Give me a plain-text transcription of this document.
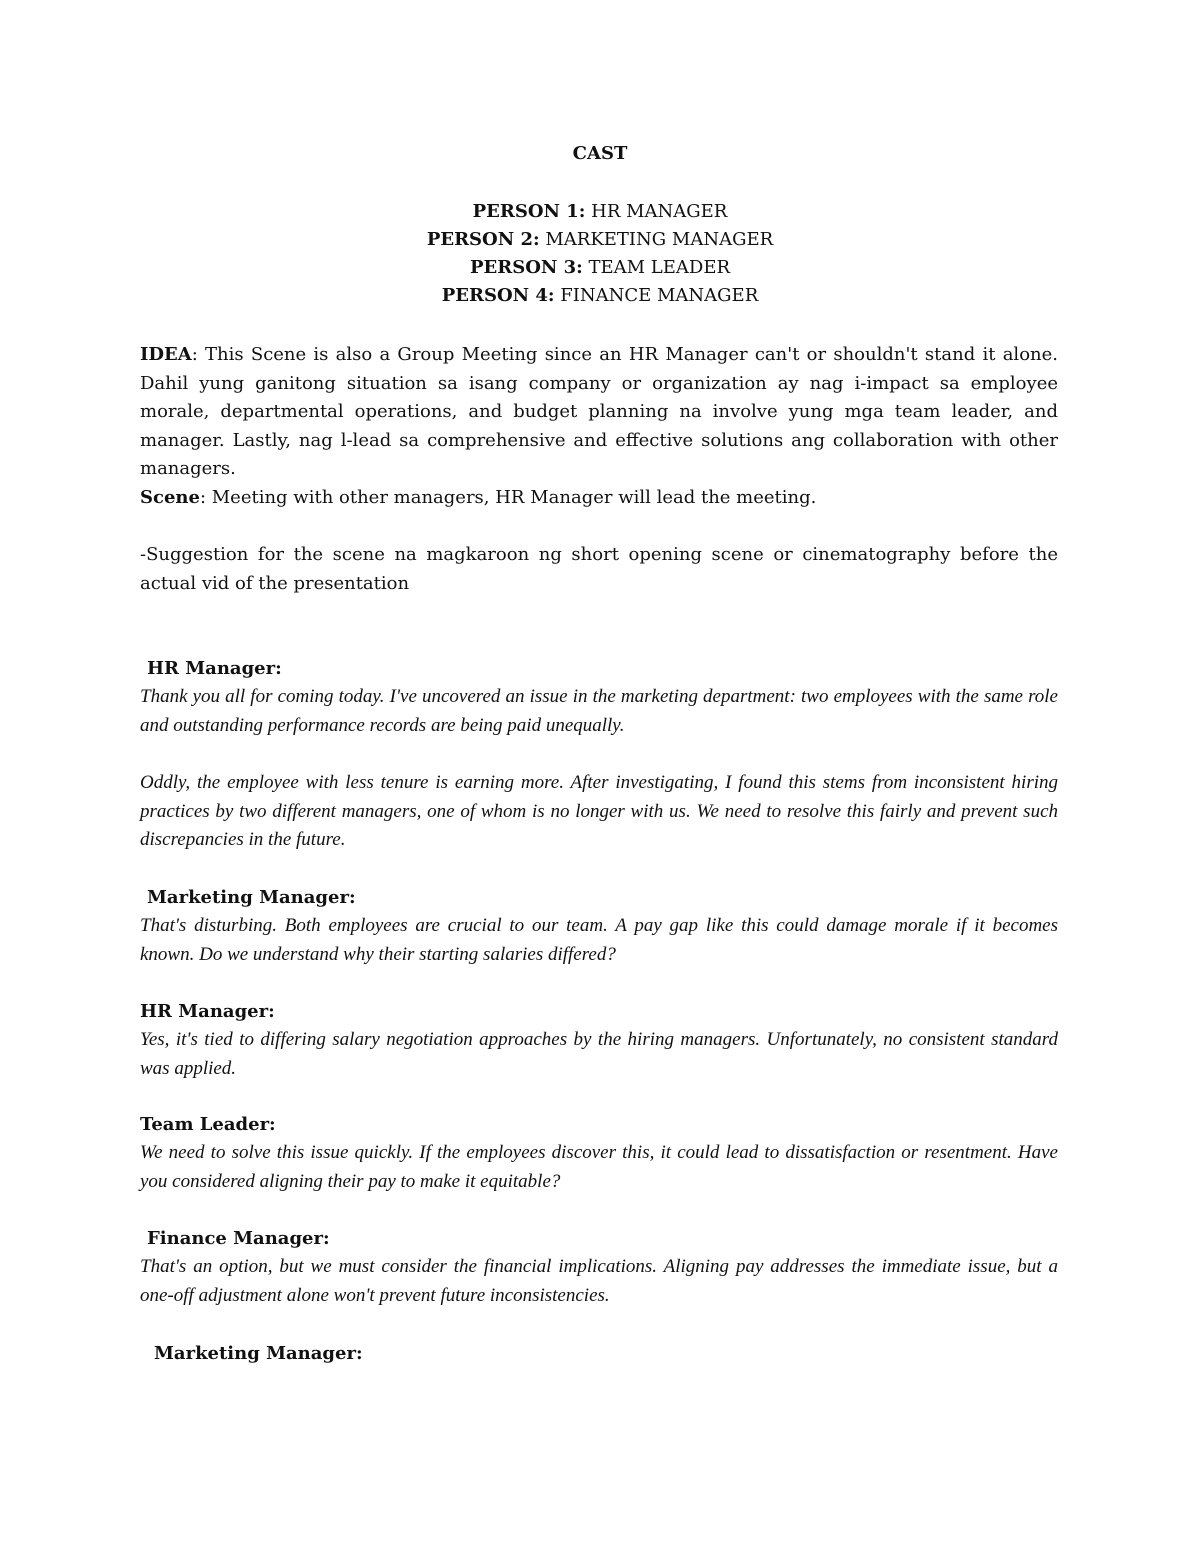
CAST
PERSON 1: HR MANAGER
PERSON 2: MARKETING MANAGER
PERSON 3: TEAM LEADER
PERSON 4: FINANCE MANAGER
IDEA: This Scene is also a Group Meeting since an HR Manager can't or shouldn't stand it alone. Dahil yung ganitong situation sa isang company or organization ay nag i-impact sa employee morale, departmental operations, and budget planning na involve yung mga team leader, and manager. Lastly, nag l-lead sa comprehensive and effective solutions ang collaboration with other managers.
Scene: Meeting with other managers, HR Manager will lead the meeting.
-Suggestion for the scene na magkaroon ng short opening scene or cinematography before the actual vid of the presentation
HR Manager:
Thank you all for coming today. I've uncovered an issue in the marketing department: two employees with the same role and outstanding performance records are being paid unequally.
Oddly, the employee with less tenure is earning more. After investigating, I found this stems from inconsistent hiring practices by two different managers, one of whom is no longer with us. We need to resolve this fairly and prevent such discrepancies in the future.
Marketing Manager:
That's disturbing. Both employees are crucial to our team. A pay gap like this could damage morale if it becomes known. Do we understand why their starting salaries differed?
HR Manager:
Yes, it's tied to differing salary negotiation approaches by the hiring managers. Unfortunately, no consistent standard was applied.
Team Leader:
We need to solve this issue quickly. If the employees discover this, it could lead to dissatisfaction or resentment. Have you considered aligning their pay to make it equitable?
Finance Manager:
That's an option, but we must consider the financial implications. Aligning pay addresses the immediate issue, but a one-off adjustment alone won't prevent future inconsistencies.
Marketing Manager:
